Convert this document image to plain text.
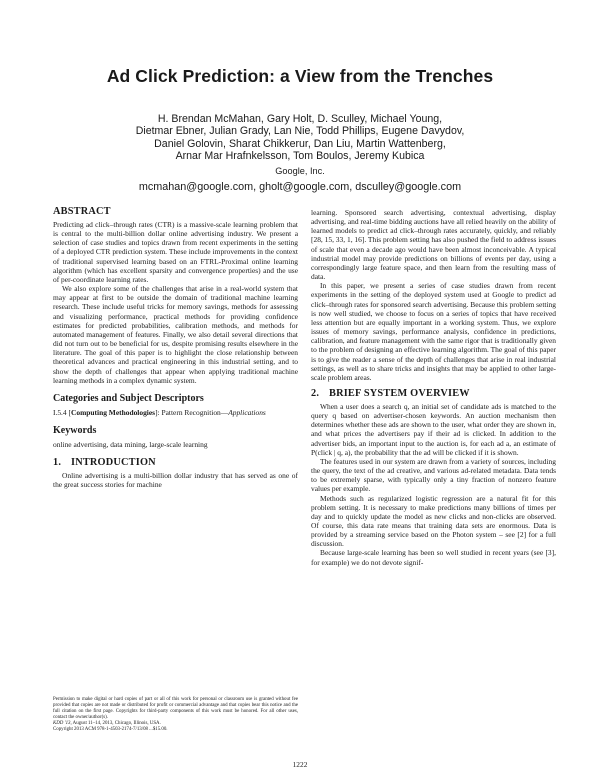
Ad Click Prediction: a View from the Trenches
H. Brendan McMahan, Gary Holt, D. Sculley, Michael Young,
Dietmar Ebner, Julian Grady, Lan Nie, Todd Phillips, Eugene Davydov,
Daniel Golovin, Sharat Chikkerur, Dan Liu, Martin Wattenberg,
Arnar Mar Hrafnkelsson, Tom Boulos, Jeremy Kubica
Google, Inc.
mcmahan@google.com, gholt@google.com, dsculley@google.com
ABSTRACT

Predicting ad click–through rates (CTR) is a massive-scale learning problem that is central to the multi-billion dollar online advertising industry. We present a selection of case studies and topics drawn from recent experiments in the setting of a deployed CTR prediction system. These include improvements in the context of traditional supervised learning based on an FTRL-Proximal online learning algorithm (which has excellent sparsity and convergence properties) and the use of per-coordinate learning rates.

We also explore some of the challenges that arise in a real-world system that may appear at first to be outside the domain of traditional machine learning research. These include useful tricks for memory savings, methods for assessing and visualizing performance, practical methods for providing confidence estimates for predicted probabilities, calibration methods, and methods for automated management of features. Finally, we also detail several directions that did not turn out to be beneficial for us, despite promising results elsewhere in the literature. The goal of this paper is to highlight the close relationship between theoretical advances and practical engineering in this industrial setting, and to show the depth of challenges that appear when applying traditional machine learning methods in a complex dynamic system.

Categories and Subject Descriptors

I.5.4 [Computing Methodologies]: Pattern Recognition—Applications

Keywords

online advertising, data mining, large-scale learning

1. INTRODUCTION

Online advertising is a multi-billion dollar industry that has served as one of the great success stories for machine

learning. Sponsored search advertising, contextual advertising, display advertising, and real-time bidding auctions have all relied heavily on the ability of learned models to predict ad click–through rates accurately, quickly, and reliably [28, 15, 33, 1, 16]. This problem setting has also pushed the field to address issues of scale that even a decade ago would have been almost inconceivable. A typical industrial model may provide predictions on billions of events per day, using a correspondingly large feature space, and then learn from the resulting mass of data.

In this paper, we present a series of case studies drawn from recent experiments in the setting of the deployed system used at Google to predict ad click–through rates for sponsored search advertising. Because this problem setting is now well studied, we choose to focus on a series of topics that have received less attention but are equally important in a working system. Thus, we explore issues of memory savings, performance analysis, confidence in predictions, calibration, and feature management with the same rigor that is traditionally given to the problem of designing an effective learning algorithm. The goal of this paper is to give the reader a sense of the depth of challenges that arise in real industrial settings, as well as to share tricks and insights that may be applied to other large-scale problem areas.

2. BRIEF SYSTEM OVERVIEW

When a user does a search q, an initial set of candidate ads is matched to the query q based on advertiser-chosen keywords. An auction mechanism then determines whether these ads are shown to the user, what order they are shown in, and what prices the advertisers pay if their ad is clicked. In addition to the advertiser bids, an important input to the auction is, for each ad a, an estimate of P(click | q, a), the probability that the ad will be clicked if it is shown.

The features used in our system are drawn from a variety of sources, including the query, the text of the ad creative, and various ad-related metadata. Data tends to be extremely sparse, with typically only a tiny fraction of nonzero feature values per example.

Methods such as regularized logistic regression are a natural fit for this problem setting. It is necessary to make predictions many billions of times per day and to quickly update the model as new clicks and non-clicks are observed. Of course, this data rate means that training data sets are enormous. Data is provided by a streaming service based on the Photon system – see [2] for a full discussion.

Because large-scale learning has been so well studied in recent years (see [3], for example) we do not devote signif-

Permission to make digital or hard copies of part or all of this work for personal or classroom use is granted without fee provided that copies are not made or distributed for profit or commercial advantage and that copies bear this notice and the full citation on the first page. Copyrights for third-party components of this work must be honored. For all other uses, contact the owner/author(s).

KDD '13, August 11–14, 2013, Chicago, Illinois, USA.

Copyright 2013 ACM 978-1-4503-2174-7/13/08 ...$15.00.

1222
